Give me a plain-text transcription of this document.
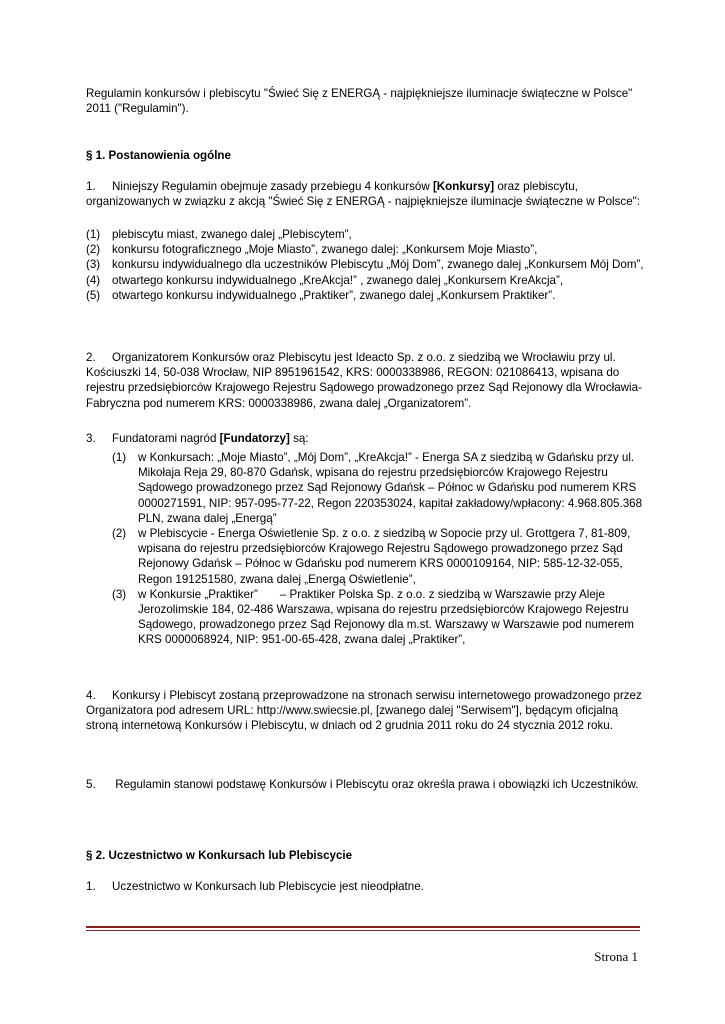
Regulamin konkursów i plebiscytu "Świeć Się z ENERGĄ - najpiękniejsze iluminacje świąteczne w Polsce" 2011 ("Regulamin").

§ 1. Postanowienia ogólne

1. Niniejszy Regulamin obejmuje zasady przebiegu 4 konkursów [Konkursy] oraz plebiscytu, organizowanych w związku z akcją "Świeć Się z ENERGĄ - najpiękniejsze iluminacje świąteczne w Polsce":

(1) plebiscytu miast, zwanego dalej „Plebiscytem”,
(2) konkursu fotograficznego „Moje Miasto”, zwanego dalej: „Konkursem Moje Miasto”,
(3) konkursu indywidualnego dla uczestników Plebiscytu „Mój Dom”, zwanego dalej „Konkursem Mój Dom”,
(4) otwartego konkursu indywidualnego „KreAkcja!” , zwanego dalej „Konkursem KreAkcja”,
(5) otwartego konkursu indywidualnego „Praktiker”, zwanego dalej „Konkursem Praktiker”.

2. Organizatorem Konkursów oraz Plebiscytu jest Ideacto Sp. z o.o. z siedzibą we Wrocławiu przy ul. Kościuszki 14, 50-038 Wrocław, NIP 8951961542, KRS: 0000338986, REGON: 021086413, wpisana do rejestru przedsiębiorców Krajowego Rejestru Sądowego prowadzonego przez Sąd Rejonowy dla Wrocławia- Fabryczna pod numerem KRS: 0000338986, zwana dalej „Organizatorem”.

3. Fundatorami nagród [Fundatorzy] są:

(1) w Konkursach: „Moje Miasto”, „Mój Dom”, „KreAkcja!” - Energa SA z siedzibą w Gdańsku przy ul. Mikołaja Reja 29, 80-870 Gdańsk, wpisana do rejestru przedsiębiorców Krajowego Rejestru Sądowego prowadzonego przez Sąd Rejonowy Gdańsk – Północ w Gdańsku pod numerem KRS 0000271591, NIP: 957-095-77-22, Regon 220353024, kapitał zakładowy/wpłacony: 4.968.805.368 PLN, zwana dalej „Energą”
(2) w Plebiscycie - Energa Oświetlenie Sp. z o.o. z siedzibą w Sopocie przy ul. Grottgera 7, 81-809, wpisana do rejestru przedsiębiorców Krajowego Rejestru Sądowego prowadzonego przez Sąd Rejonowy Gdańsk – Północ w Gdańsku pod numerem KRS 0000109164, NIP: 585-12-32-055, Regon 191251580, zwana dalej „Energą Oświetlenie”,
(3) w Konkursie „Praktiker” – Praktiker Polska Sp. z o.o. z siedzibą w Warszawie przy Aleje Jerozolimskie 184, 02-486 Warszawa, wpisana do rejestru przedsiębiorców Krajowego Rejestru Sądowego, prowadzonego przez Sąd Rejonowy dla m.st. Warszawy w Warszawie pod numerem KRS 0000068924, NIP: 951-00-65-428, zwana dalej „Praktiker”,

4. Konkursy i Plebiscyt zostaną przeprowadzone na stronach serwisu internetowego prowadzonego przez Organizatora pod adresem URL: http://www.swiecsie.pl, [zwanego dalej "Serwisem"], będącym oficjalną stroną internetową Konkursów i Plebiscytu, w dniach od 2 grudnia 2011 roku do 24 stycznia 2012 roku.

5. Regulamin stanowi podstawę Konkursów i Plebiscytu oraz określa prawa i obowiązki ich Uczestników.

§ 2. Uczestnictwo w Konkursach lub Plebiscycie

1. Uczestnictwo w Konkursach lub Plebiscycie jest nieodpłatne.

Strona 1
